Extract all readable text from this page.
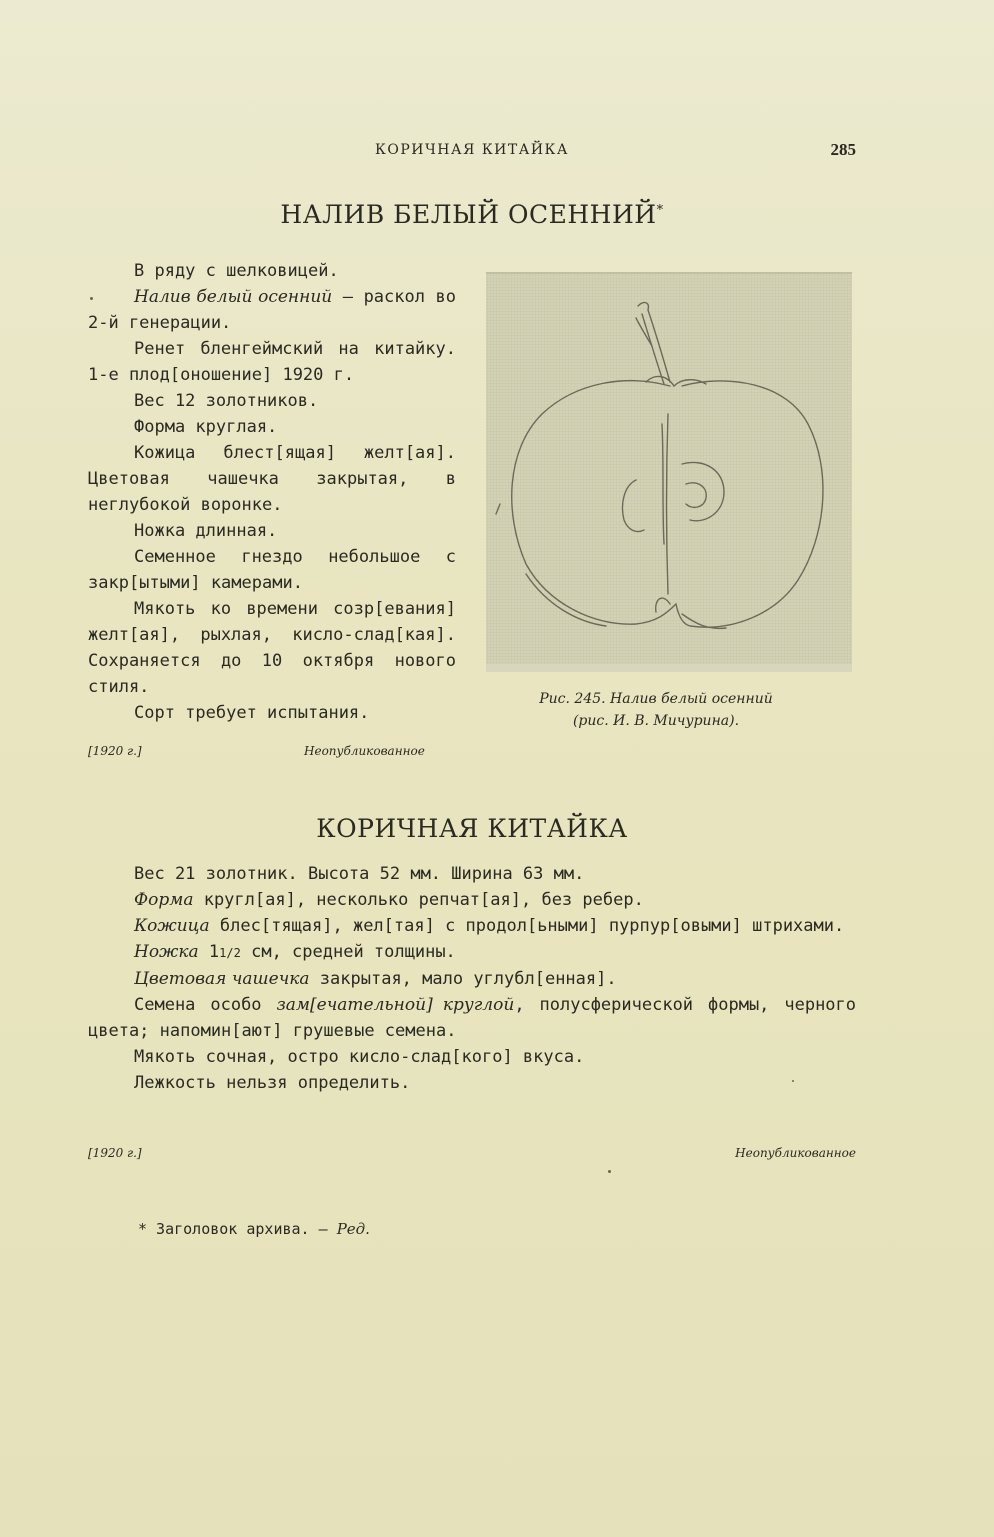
КОРИЧНАЯ КИТАЙКА	285
НАЛИВ БЕЛЫЙ ОСЕННИЙ*

В ряду с шелковицей.

Налив белый осенний — раскол во 2-й генерации.

Ренет бленгеймский на китайку. 1-е плод[оношение] 1920 г.

Вес 12 золотников.

Форма круглая.

Кожица блест[ящая] желт[ая]. Цветовая чашечка закрытая, в неглубокой воронке.

Ножка длинная.

Семенное гнездо небольшое с закр[ытыми] камерами.

Мякоть ко времени созр[евания] желт[ая], рыхлая, кисло-слад[кая]. Сохраняется до 10 октября нового стиля.

Сорт требует испытания.

Рис. 245. Налив белый осенний
(рис. И. В. Мичурина).
[1920 г.]	Неопубликованное
КОРИЧНАЯ КИТАЙКА

Вес 21 золотник. Высота 52 мм. Ширина 63 мм.

Форма кругл[ая], несколько репчат[ая], без ребер.

Кожица блес[тящая], жел[тая] с продол[ьными] пурпур[овыми] штрихами.

Ножка 11/2 см, средней толщины.

Цветовая чашечка закрытая, мало углубл[енная].

Семена особо зам[ечательной] круглой, полусферической формы, черного цвета; напомин[ают] грушевые семена.

Мякоть сочная, остро кисло-слад[кого] вкуса.

Лежкость нельзя определить.

[1920 г.]	Неопубликованное
* Заголовок архива. — Ред.
